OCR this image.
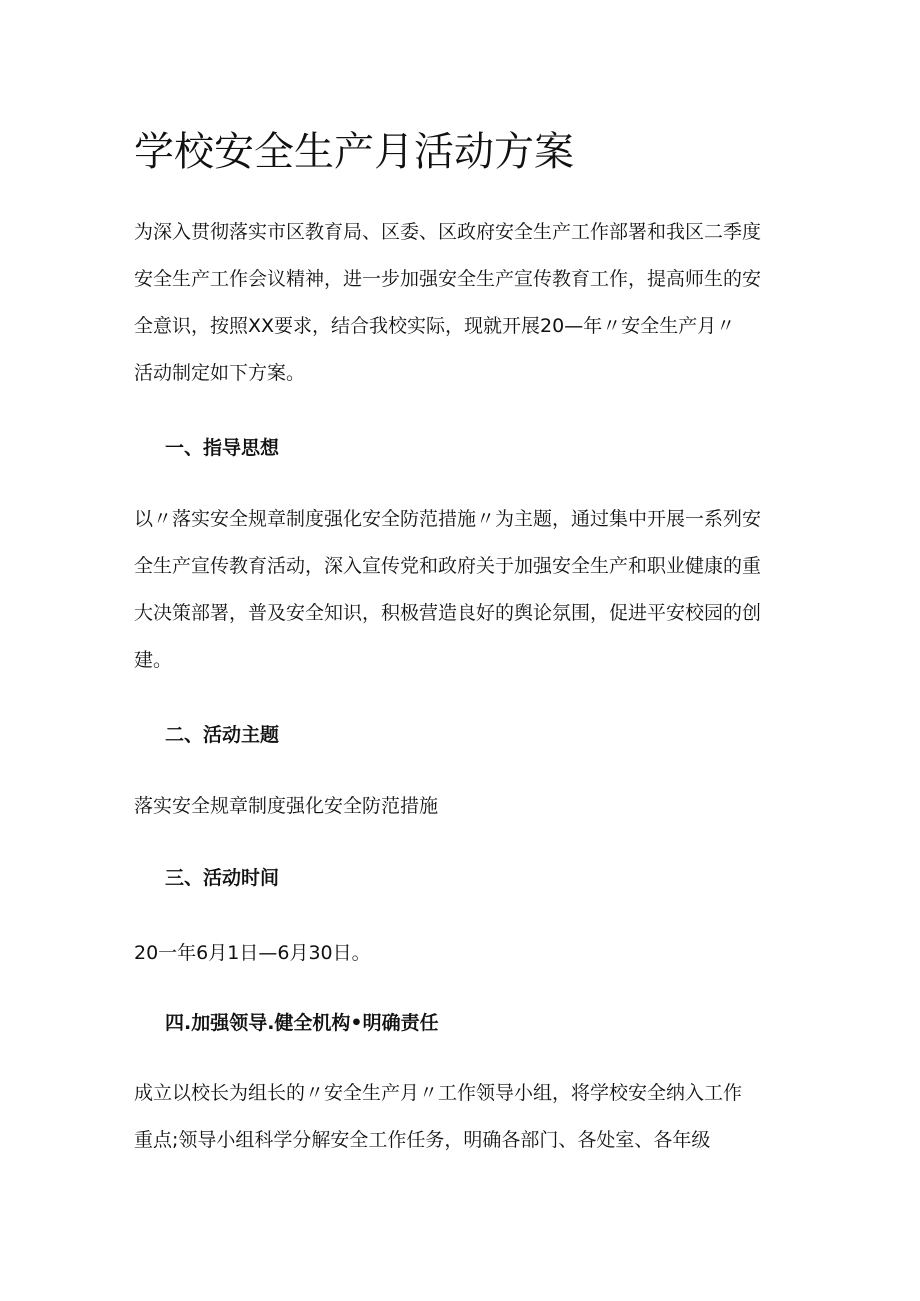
学校安全生产月活动方案
为深入贯彻落实市区教育局、区委、区政府安全生产工作部署和我区二季度
安全生产工作会议精神，进一步加强安全生产宣传教育工作，提高师生的安
全意识，按照XX要求，结合我校实际，现就开展20—年〃安全生产月〃
活动制定如下方案。
一、指导思想
以〃落实安全规章制度强化安全防范措施〃为主题，通过集中开展一系列安
全生产宣传教育活动，深入宣传党和政府关于加强安全生产和职业健康的重
大决策部署，普及安全知识，积极营造良好的舆论氛围，促进平安校园的创
建。
二、活动主题

落实安全规章制度强化安全防范措施

三、活动时间

20一年6月1日—6月30日。

四.加强领导.健全机构•明确责任
成立以校长为组长的〃安全生产月〃工作领导小组，将学校安全纳入工作
重点;领导小组科学分解安全工作任务，明确各部门、各处室、各年级
